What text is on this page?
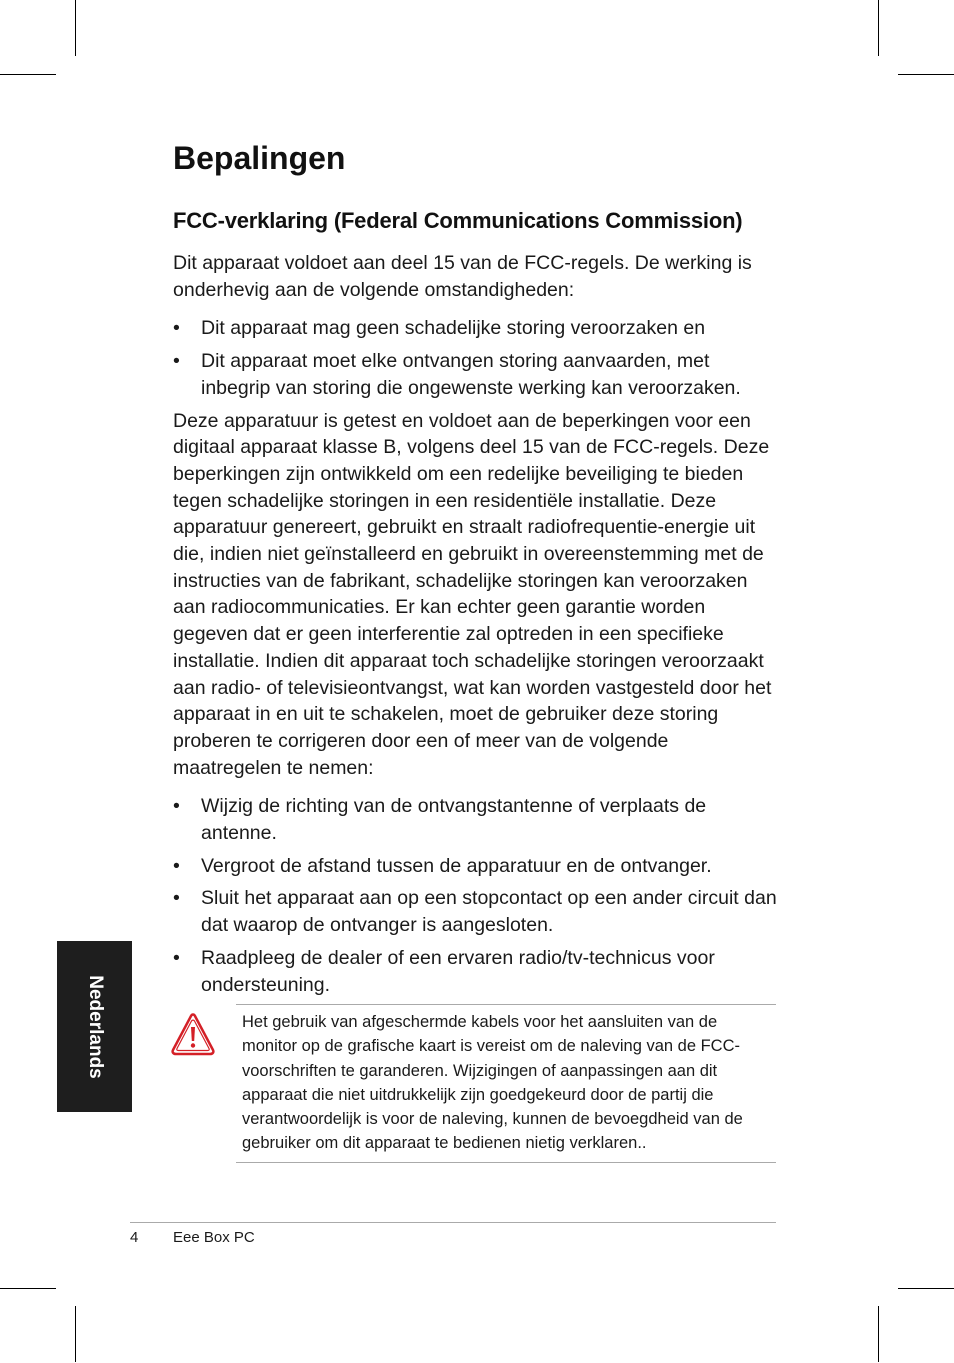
Bepalingen
FCC-verklaring (Federal Communications Commission)

Dit apparaat voldoet aan deel 15 van de FCC-regels. De werking is onderhevig aan de volgende omstandigheden:

• Dit apparaat mag geen schadelijke storing veroorzaken en
• Dit apparaat moet elke ontvangen storing aanvaarden, met inbegrip van storing die ongewenste werking kan veroorzaken.

Deze apparatuur is getest en voldoet aan de beperkingen voor een digitaal apparaat klasse B, volgens deel 15 van de FCC-regels. Deze beperkingen zijn ontwikkeld om een redelijke beveiliging te bieden tegen schadelijke storingen in een residentiële installatie. Deze apparatuur genereert, gebruikt en straalt radiofrequentie-energie uit die, indien niet geïnstalleerd en gebruikt in overeenstemming met de instructies van de fabrikant, schadelijke storingen kan veroorzaken aan radiocommunicaties. Er kan echter geen garantie worden gegeven dat er geen interferentie zal optreden in een specifieke installatie. Indien dit apparaat toch schadelijke storingen veroorzaakt aan radio- of televisieontvangst, wat kan worden vastgesteld door het apparaat in en uit te schakelen, moet de gebruiker deze storing proberen te corrigeren door een of meer van de volgende maatregelen te nemen:

• Wijzig de richting van de ontvangstantenne of verplaats de antenne.
• Vergroot de afstand tussen de apparatuur en de ontvanger.
• Sluit het apparaat aan op een stopcontact op een ander circuit dan dat waarop de ontvanger is aangesloten.
• Raadpleeg de dealer of een ervaren radio/tv-technicus voor ondersteuning.
Het gebruik van afgeschermde kabels voor het aansluiten van de monitor op de grafische kaart is vereist om de naleving van de FCC-voorschriften te garanderen. Wijzigingen of aanpassingen aan dit apparaat die niet uitdrukkelijk zijn goedgekeurd door de partij die verantwoordelijk is voor de naleving, kunnen de bevoegdheid van de gebruiker om dit apparaat te bedienen nietig verklaren..
Nederlands
4 Eee Box PC
